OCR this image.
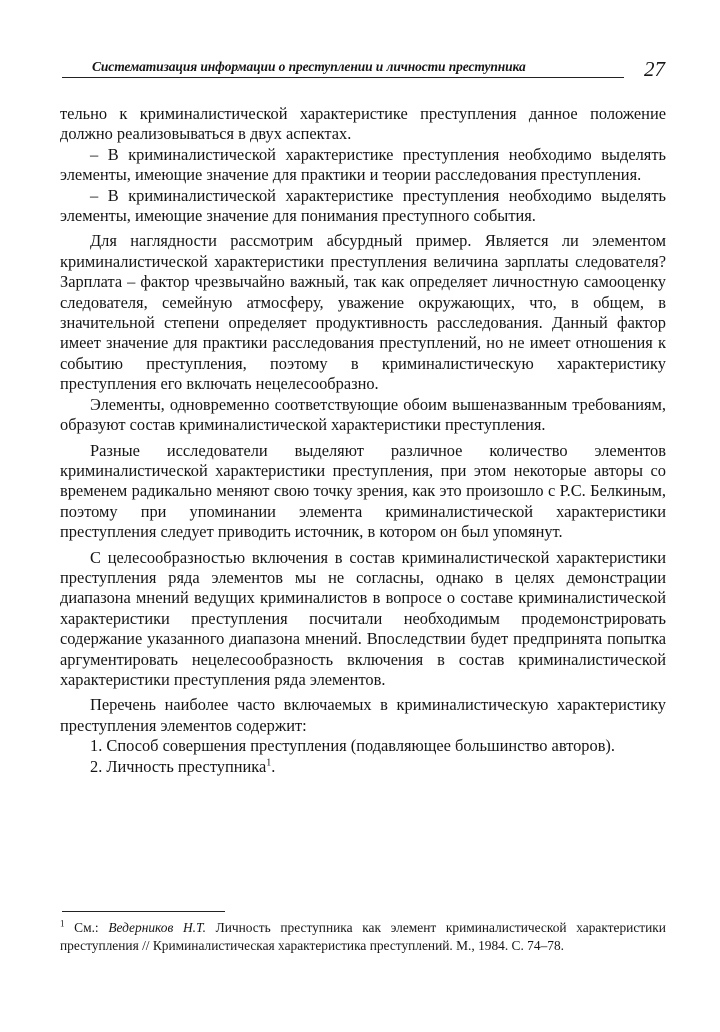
Систематизация информации о преступлении и личности преступника	27

тельно к криминалистической характеристике преступления данное положение должно реализовываться в двух аспектах.

– В криминалистической характеристике преступления необходимо выделять элементы, имеющие значение для практики и теории расследования преступления.

– В криминалистической характеристике преступления необходимо выделять элементы, имеющие значение для понимания преступного события.

Для наглядности рассмотрим абсурдный пример. Является ли элементом криминалистической характеристики преступления величина зарплаты следователя? Зарплата – фактор чрезвычайно важный, так как определяет личностную самооценку следователя, семейную атмосферу, уважение окружающих, что, в общем, в значительной степени определяет продуктивность расследования. Данный фактор имеет значение для практики расследования преступлений, но не имеет отношения к событию преступления, поэтому в криминалистическую характеристику преступления его включать нецелесообразно.

Элементы, одновременно соответствующие обоим вышеназванным требованиям, образуют состав криминалистической характеристики преступления.

Разные исследователи выделяют различное количество элементов криминалистической характеристики преступления, при этом некоторые авторы со временем радикально меняют свою точку зрения, как это произошло с Р.С. Белкиным, поэтому при упоминании элемента криминалистической характеристики преступления следует приводить источник, в котором он был упомянут.

С целесообразностью включения в состав криминалистической характеристики преступления ряда элементов мы не согласны, однако в целях демонстрации диапазона мнений ведущих криминалистов в вопросе о составе криминалистической характеристики преступления посчитали необходимым продемонстрировать содержание указанного диапазона мнений. Впоследствии будет предпринята попытка аргументировать нецелесообразность включения в состав криминалистической характеристики преступления ряда элементов.

Перечень наиболее часто включаемых в криминалистическую характеристику преступления элементов содержит:

1. Способ совершения преступления (подавляющее большинство авторов).

2. Личность преступника$^1$.

$^1$ См.: Ведерников Н.Т. Личность преступника как элемент криминалистической характеристики преступления // Криминалистическая характеристика преступлений. М., 1984. С. 74–78.
